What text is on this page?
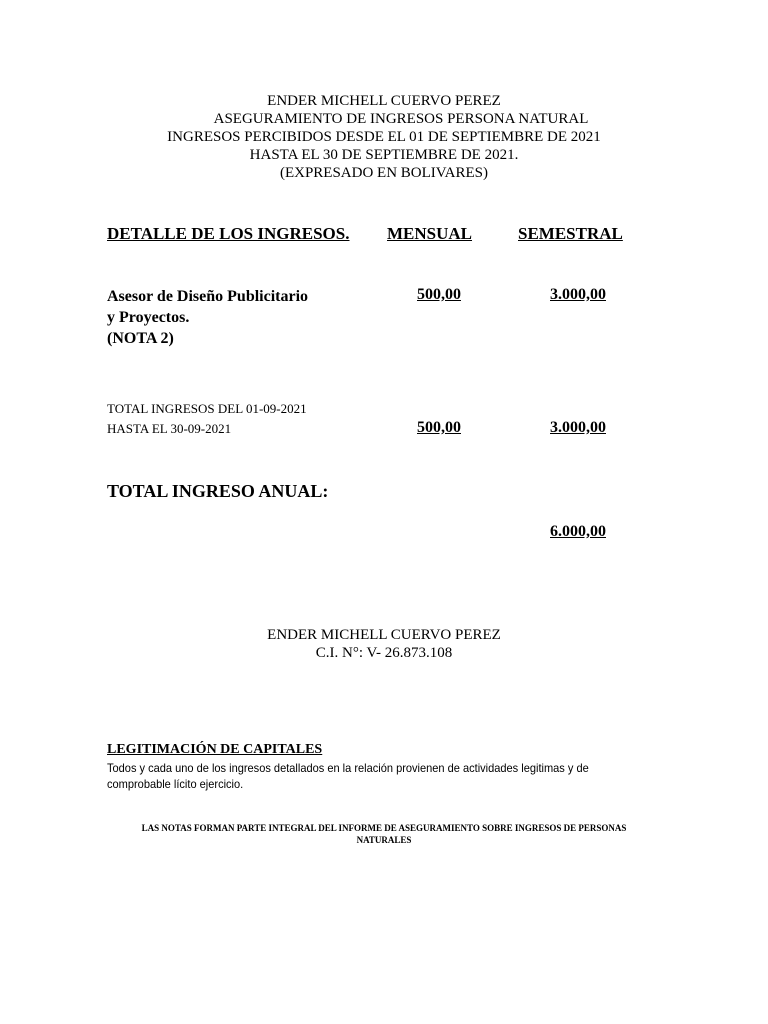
ENDER MICHELL CUERVO PEREZ
ASEGURAMIENTO DE INGRESOS PERSONA NATURAL
INGRESOS PERCIBIDOS DESDE EL 01 DE SEPTIEMBRE DE 2021
HASTA EL 30 DE SEPTIEMBRE DE 2021.
(EXPRESADO EN BOLIVARES)
DETALLE DE LOS INGRESOS. MENSUAL	SEMESTRAL
Asesor de Diseño Publicitario
y Proyectos.
(NOTA 2)
500,00	3.000,00
TOTAL INGRESOS DEL 01-09-2021
HASTA EL 30-09-2021	500,00	3.000,00
TOTAL INGRESO ANUAL:
6.000,00
ENDER MICHELL CUERVO PEREZ
C.I. N°: V- 26.873.108
LEGITIMACIÓN DE CAPITALES
Todos y cada uno de los ingresos detallados en la relación provienen de actividades legitimas y de
comprobable lícito ejercicio.
LAS NOTAS FORMAN PARTE INTEGRAL DEL INFORME DE ASEGURAMIENTO SOBRE INGRESOS DE PERSONAS
NATURALES
